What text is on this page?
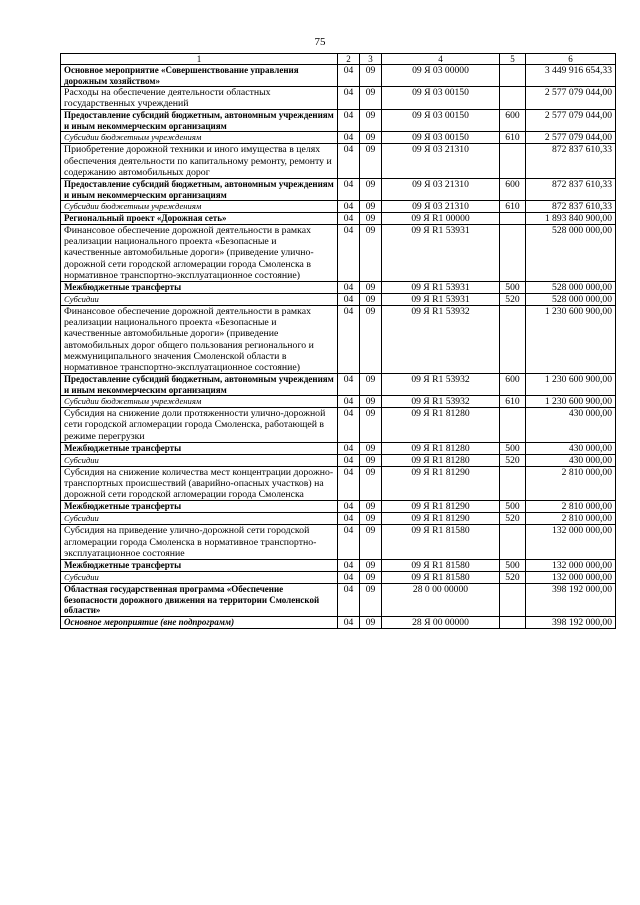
75
1	2	3	4	5	6
Основное мероприятие «Совершенствование управления дорожным хозяйством»	04	09	09 Я 03 00000		3 449 916 654,33
Расходы на обеспечение деятельности областных государственных учреждений	04	09	09 Я 03 00150		2 577 079 044,00
Предоставление субсидий бюджетным, автономным учреждениям и иным некоммерческим организациям	04	09	09 Я 03 00150	600	2 577 079 044,00
Субсидии бюджетным учреждениям	04	09	09 Я 03 00150	610	2 577 079 044,00
Приобретение дорожной техники и иного имущества в целях обеспечения деятельности по капитальному ремонту, ремонту и содержанию автомобильных дорог	04	09	09 Я 03 21310		872 837 610,33
Предоставление субсидий бюджетным, автономным учреждениям и иным некоммерческим организациям	04	09	09 Я 03 21310	600	872 837 610,33
Субсидии бюджетным учреждениям	04	09	09 Я 03 21310	610	872 837 610,33
Региональный проект «Дорожная сеть»	04	09	09 Я R1 00000		1 893 840 900,00
Финансовое обеспечение дорожной деятельности в рамках реализации национального проекта «Безопасные и качественные автомобильные дороги» (приведение улично-дорожной сети городской агломерации города Смоленска в нормативное транспортно-эксплуатационное состояние)	04	09	09 Я R1 53931		528 000 000,00
Межбюджетные трансферты	04	09	09 Я R1 53931	500	528 000 000,00
Субсидии	04	09	09 Я R1 53931	520	528 000 000,00
Финансовое обеспечение дорожной деятельности в рамках реализации национального проекта «Безопасные и качественные автомобильные дороги» (приведение автомобильных дорог общего пользования регионального и межмуниципального значения Смоленской области в нормативное транспортно-эксплуатационное состояние)	04	09	09 Я R1 53932		1 230 600 900,00
Предоставление субсидий бюджетным, автономным учреждениям и иным некоммерческим организациям	04	09	09 Я R1 53932	600	1 230 600 900,00
Субсидии бюджетным учреждениям	04	09	09 Я R1 53932	610	1 230 600 900,00
Субсидия на снижение доли протяженности улично-дорожной сети городской агломерации города Смоленска, работающей в режиме перегрузки	04	09	09 Я R1 81280		430 000,00
Межбюджетные трансферты	04	09	09 Я R1 81280	500	430 000,00
Субсидии	04	09	09 Я R1 81280	520	430 000,00
Субсидия на снижение количества мест концентрации дорожно-транспортных происшествий (аварийно-опасных участков) на дорожной сети городской агломерации города Смоленска	04	09	09 Я R1 81290		2 810 000,00
Межбюджетные трансферты	04	09	09 Я R1 81290	500	2 810 000,00
Субсидии	04	09	09 Я R1 81290	520	2 810 000,00
Субсидия на приведение улично-дорожной сети городской агломерации города Смоленска в нормативное транспортно-эксплуатационное состояние	04	09	09 Я R1 81580		132 000 000,00
Межбюджетные трансферты	04	09	09 Я R1 81580	500	132 000 000,00
Субсидии	04	09	09 Я R1 81580	520	132 000 000,00
Областная государственная программа «Обеспечение безопасности дорожного движения на территории Смоленской области»	04	09	28 0 00 00000		398 192 000,00
Основное мероприятие (вне подпрограмм)	04	09	28 Я 00 00000		398 192 000,00
